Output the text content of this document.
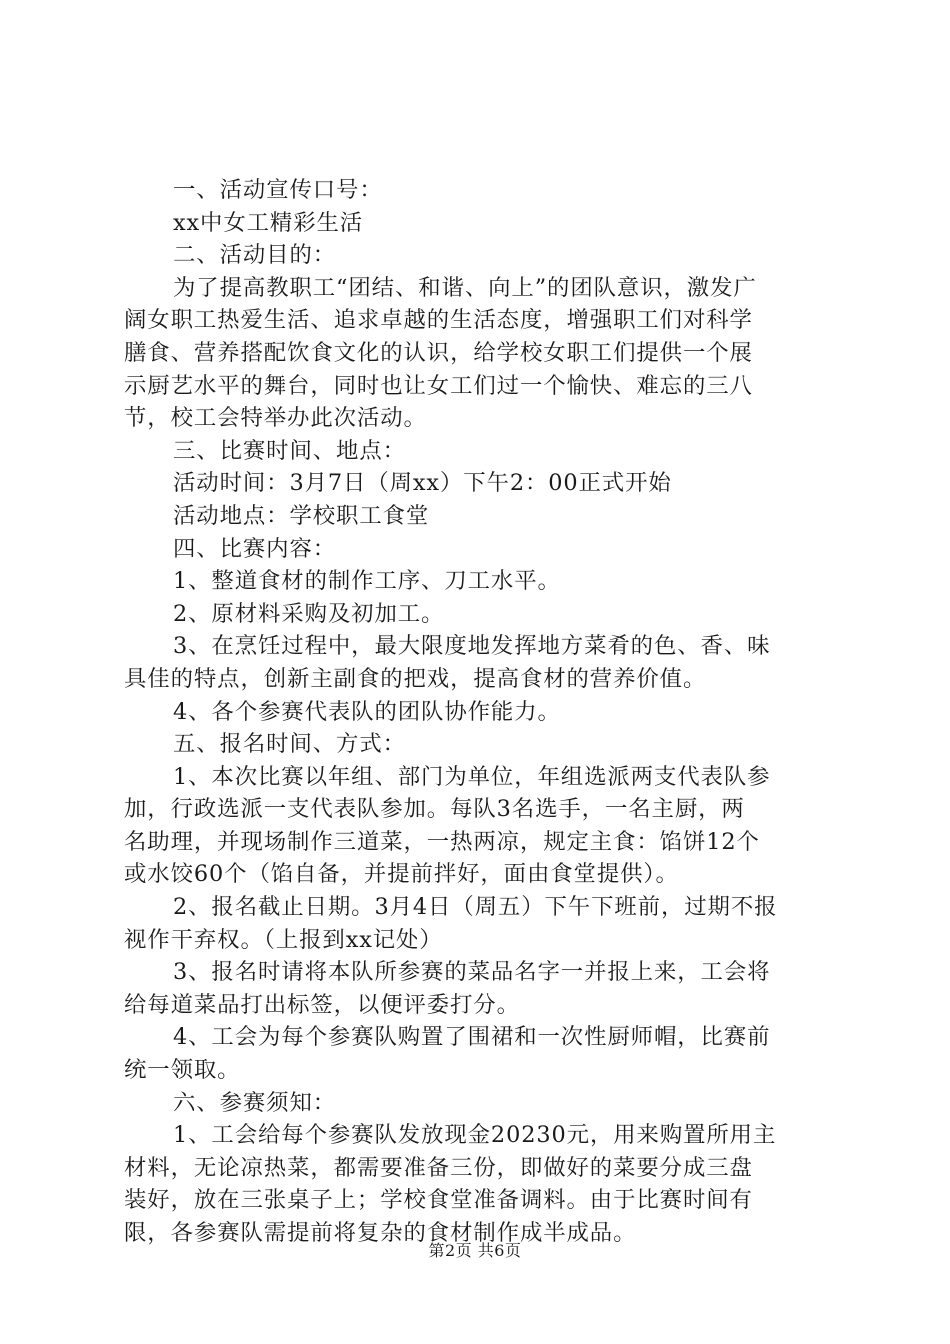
一、活动宣传口号：
xx中女工精彩生活
二、活动目的：
为了提高教职工“团结、和谐、向上”的团队意识，激发广
阔女职工热爱生活、追求卓越的生活态度，增强职工们对科学
膳食、营养搭配饮食文化的认识，给学校女职工们提供一个展
示厨艺水平的舞台，同时也让女工们过一个愉快、难忘的三八
节，校工会特举办此次活动。
三、比赛时间、地点：
活动时间：3月7日（周xx）下午2：00正式开始
活动地点：学校职工食堂
四、比赛内容：
1、整道食材的制作工序、刀工水平。
2、原材料采购及初加工。
3、在烹饪过程中，最大限度地发挥地方菜肴的色、香、味
具佳的特点，创新主副食的把戏，提高食材的营养价值。
4、各个参赛代表队的团队协作能力。
五、报名时间、方式：
1、本次比赛以年组、部门为单位，年组选派两支代表队参
加，行政选派一支代表队参加。每队3名选手，一名主厨，两
名助理，并现场制作三道菜，一热两凉，规定主食：馅饼12个
或水饺60个（馅自备，并提前拌好，面由食堂提供）。
2、报名截止日期。3月4日（周五）下午下班前，过期不报
视作干弃权。（上报到xx记处）
3、报名时请将本队所参赛的菜品名字一并报上来，工会将
给每道菜品打出标签，以便评委打分。
4、工会为每个参赛队购置了围裙和一次性厨师帽，比赛前
统一领取。
六、参赛须知：
1、工会给每个参赛队发放现金20230元，用来购置所用主
材料，无论凉热菜，都需要准备三份，即做好的菜要分成三盘
装好，放在三张桌子上；学校食堂准备调料。由于比赛时间有
限，各参赛队需提前将复杂的食材制作成半成品。
第2页 共6页
